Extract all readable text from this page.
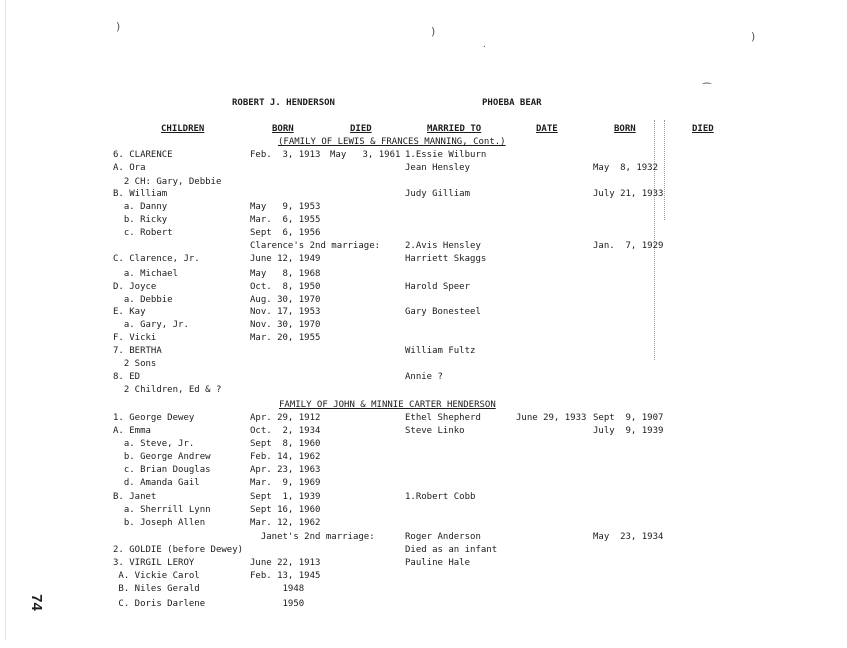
)	)	)
.
⁀
ROBERT J. HENDERSON	PHOEBA BEAR
CHILDREN	BORN	DIED	MARRIED TO	DATE	BORN	DIED
(FAMILY OF LEWIS & FRANCES MANNING, Cont.)
FAMILY OF JOHN & MINNIE CARTER HENDERSON
6. CLARENCE	Feb.  3, 1913 May   3, 1961 1.Essie Wilburn
A. Ora	Jean Hensley	May  8, 1932
2 CH: Gary, Debbie
B. William	Judy Gilliam	July 21, 1933
a. Danny	May   9, 1953
b. Ricky	Mar.  6, 1955
c. Robert	Sept  6, 1956
Clarence's 2nd marriage:	2.Avis Hensley	Jan.  7, 1929
C. Clarence, Jr.	June 12, 1949	Harriett Skaggs
a. Michael	May   8, 1968
D. Joyce	Oct.  8, 1950	Harold Speer
a. Debbie	Aug. 30, 1970
E. Kay	Nov. 17, 1953	Gary Bonesteel
a. Gary, Jr.	Nov. 30, 1970
F. Vicki	Mar. 20, 1955
7. BERTHA	William Fultz
2 Sons
8. ED	Annie ?
2 Children, Ed & ?
1. George Dewey	Apr. 29, 1912	Ethel Shepherd	June 29, 1933 Sept  9, 1907
A. Emma	Oct.  2, 1934	Steve Linko	July  9, 1939
a. Steve, Jr.	Sept  8, 1960
b. George Andrew	Feb. 14, 1962
c. Brian Douglas	Apr. 23, 1963
d. Amanda Gail	Mar.  9, 1969
B. Janet	Sept  1, 1939	1.Robert Cobb
a. Sherrill Lynn	Sept 16, 1960
b. Joseph Allen	Mar. 12, 1962
Janet's 2nd marriage:	Roger Anderson	May  23, 1934
2. GOLDIE (before Dewey)	Died as an infant
3. VIRGIL LEROY	June 22, 1913	Pauline Hale
A. Vickie Carol	Feb. 13, 1945
B. Niles Gerald	1948
C. Doris Darlene	1950
74
